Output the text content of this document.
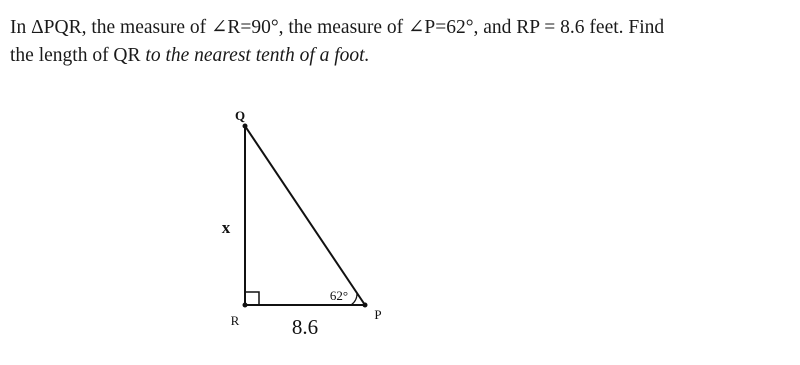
In ΔPQR, the measure of ∠R=90°, the measure of ∠P=62°, and RP = 8.6 feet. Find
the length of QR to the nearest tenth of a foot.

Q
R	P
x
8.6
62°
